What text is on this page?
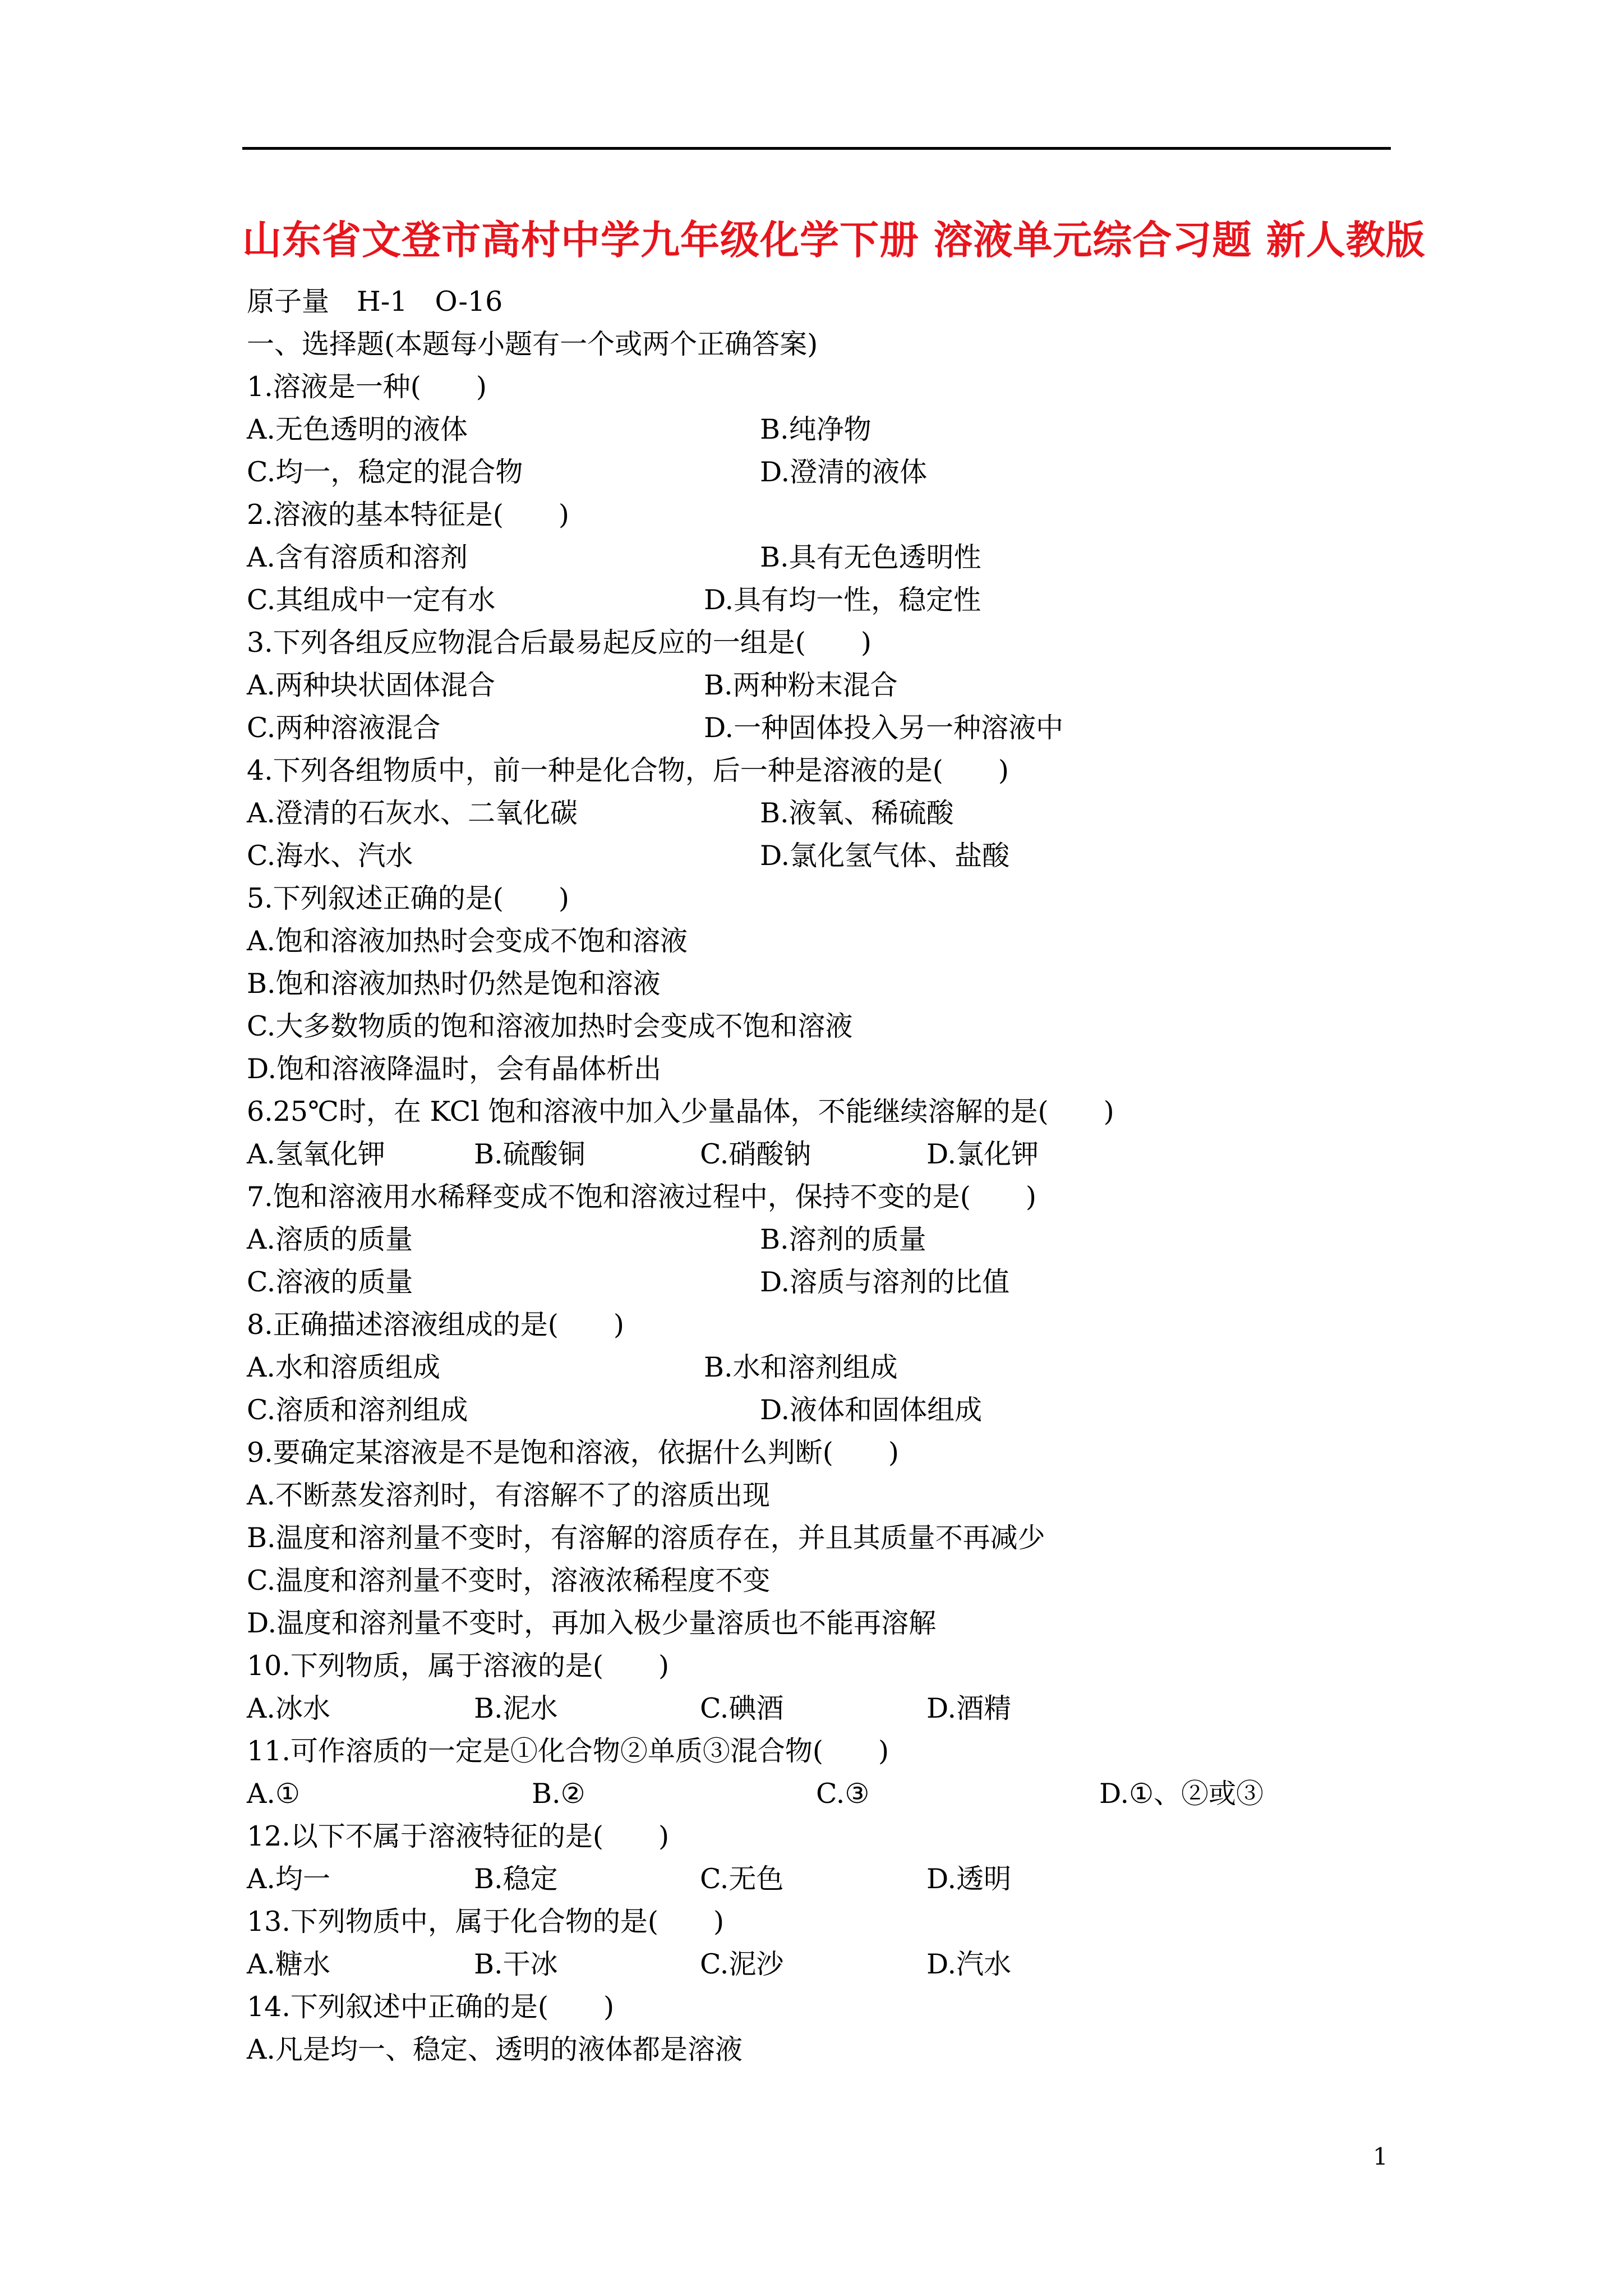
山东省文登市高村中学九年级化学下册 溶液单元综合习题 新人教版
原子量　H-1　O-16
一、选择题(本题每小题有一个或两个正确答案)
1.溶液是一种(　　)
A.无色透明的液体	B.纯净物
C.均一，稳定的混合物	D.澄清的液体
2.溶液的基本特征是(　　)
A.含有溶质和溶剂	B.具有无色透明性
C.其组成中一定有水	D.具有均一性，稳定性
3.下列各组反应物混合后最易起反应的一组是(　　)
A.两种块状固体混合	B.两种粉末混合
C.两种溶液混合	D.一种固体投入另一种溶液中
4.下列各组物质中，前一种是化合物，后一种是溶液的是(　　)
A.澄清的石灰水、二氧化碳	B.液氧、稀硫酸
C.海水、汽水	D.氯化氢气体、盐酸
5.下列叙述正确的是(　　)
A.饱和溶液加热时会变成不饱和溶液
B.饱和溶液加热时仍然是饱和溶液
C.大多数物质的饱和溶液加热时会变成不饱和溶液
D.饱和溶液降温时，会有晶体析出
6.25℃时，在 KCl 饱和溶液中加入少量晶体，不能继续溶解的是(　　)
A.氢氧化钾	B.硫酸铜	C.硝酸钠	D.氯化钾
7.饱和溶液用水稀释变成不饱和溶液过程中，保持不变的是(　　)
A.溶质的质量	B.溶剂的质量
C.溶液的质量	D.溶质与溶剂的比值
8.正确描述溶液组成的是(　　)
A.水和溶质组成	B.水和溶剂组成
C.溶质和溶剂组成	D.液体和固体组成
9.要确定某溶液是不是饱和溶液，依据什么判断(　　)
A.不断蒸发溶剂时，有溶解不了的溶质出现
B.温度和溶剂量不变时，有溶解的溶质存在，并且其质量不再减少
C.温度和溶剂量不变时，溶液浓稀程度不变
D.温度和溶剂量不变时，再加入极少量溶质也不能再溶解
10.下列物质，属于溶液的是(　　)
A.冰水	B.泥水	C.碘酒	D.酒精
11.可作溶质的一定是①化合物②单质③混合物(　　)
A.①	B.②	C.③	D.①、②或③
12.以下不属于溶液特征的是(　　)
A.均一	B.稳定	C.无色	D.透明
13.下列物质中，属于化合物的是(　　)
A.糖水	B.干冰	C.泥沙	D.汽水
14.下列叙述中正确的是(　　)
A.凡是均一、稳定、透明的液体都是溶液
1
